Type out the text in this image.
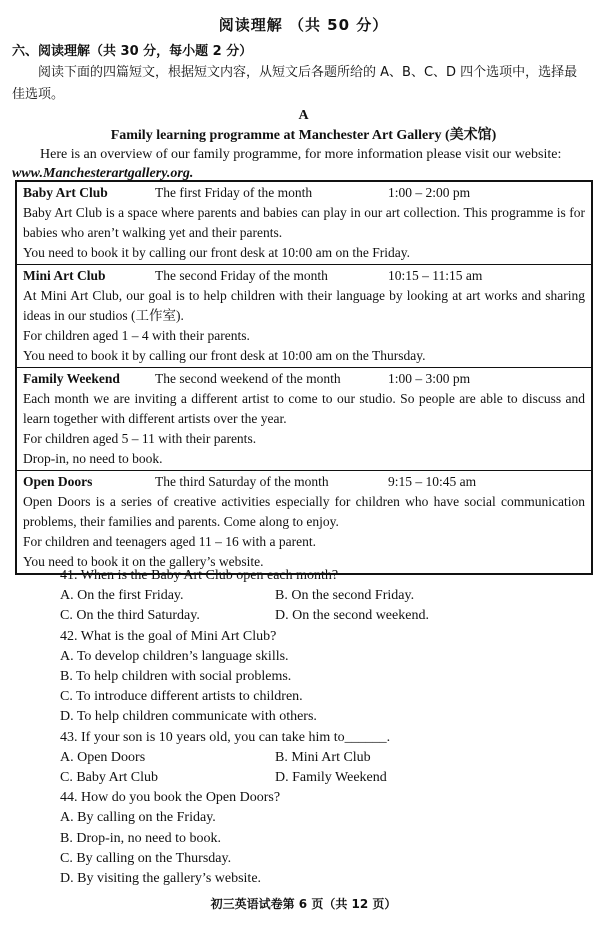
阅读理解 （共 50 分）
六、阅读理解（共 30 分，每小题 2 分）
阅读下面的四篇短文，根据短文内容，从短文后各题所给的 A、B、C、D 四个选项中，选择最佳选项。
A
Family learning programme at Manchester Art Gallery (美术馆)
Here is an overview of our family programme, for more information please visit our website: www.Manchesterartgallery.org.
Baby Art Club	The first Friday of the month	1:00 – 2:00 pm

Baby Art Club is a space where parents and babies can play in our art collection. This programme is for babies who aren’t walking yet and their parents.

You need to book it by calling our front desk at 10:00 am on the Friday.

Mini Art Club	The second Friday of the month	10:15 – 11:15 am

At Mini Art Club, our goal is to help children with their language by looking at art works and sharing ideas in our studios (工作室).

For children aged 1 – 4 with their parents.

You need to book it by calling our front desk at 10:00 am on the Thursday.

Family Weekend	The second weekend of the month	1:00 – 3:00 pm

Each month we are inviting a different artist to come to our studio. So people are able to discuss and learn together with different artists over the year.

For children aged 5 – 11 with their parents.

Drop-in, no need to book.

Open Doors	The third Saturday of the month	9:15 – 10:45 am

Open Doors is a series of creative activities especially for children who have social communication problems, their families and parents. Come along to enjoy.

For children and teenagers aged 11 – 16 with a parent.

You need to book it on the gallery’s website.

41. When is the Baby Art Club open each month?
A. On the first Friday.	B. On the second Friday.
C. On the third Saturday.	D. On the second weekend.
42. What is the goal of Mini Art Club?
A. To develop children’s language skills.
B. To help children with social problems.
C. To introduce different artists to children.
D. To help children communicate with others.
43. If your son is 10 years old, you can take him to______.
A. Open Doors	B. Mini Art Club
C. Baby Art Club	D. Family Weekend
44. How do you book the Open Doors?
A. By calling on the Friday.
B. Drop-in, no need to book.
C. By calling on the Thursday.
D. By visiting the gallery’s website.
初三英语试卷第 6 页（共 12 页）
